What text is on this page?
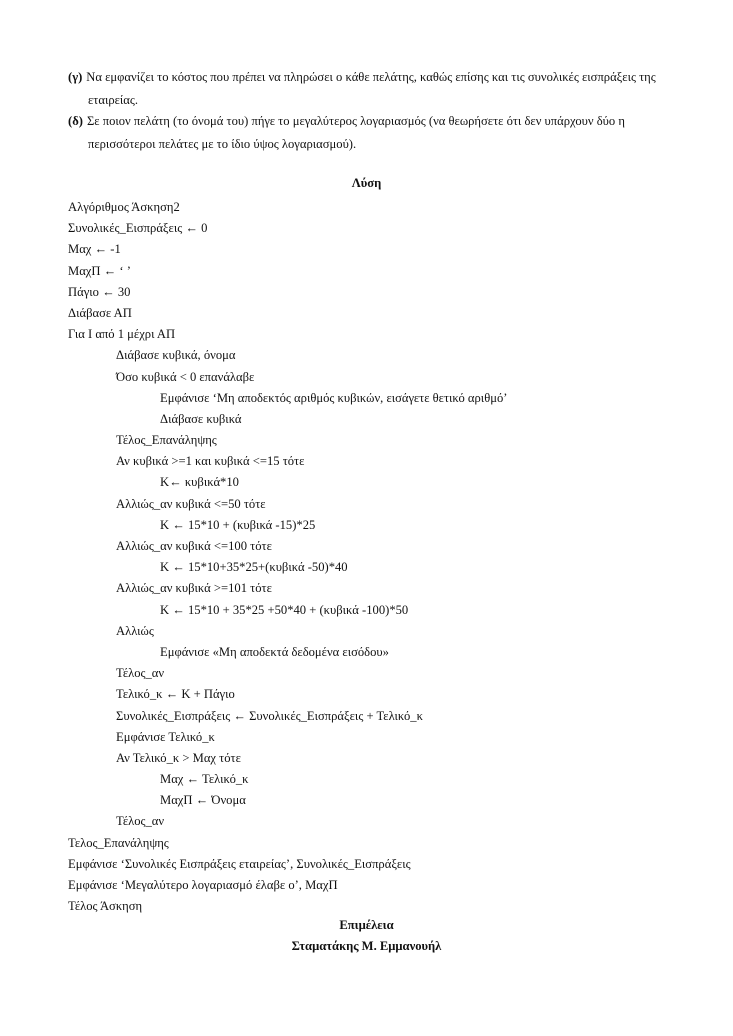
(γ) Να εμφανίζει το κόστος που πρέπει να πληρώσει ο κάθε πελάτης, καθώς επίσης και τις συνολικές εισπράξεις της
εταιρείας.
(δ) Σε ποιον πελάτη (το όνομά του) πήγε το μεγαλύτερος λογαριασμός (να θεωρήσετε ότι δεν υπάρχουν δύο η
περισσότεροι πελάτες με το ίδιο ύψος λογαριασμού).
Λύση
Αλγόριθμος Άσκηση2
Συνολικές_Εισπράξεις ← 0
Μαχ ← -1
ΜαχΠ ← ‘ ’
Πάγιο ← 30
Διάβασε ΑΠ
Για Ι από 1 μέχρι ΑΠ
Διάβασε κυβικά, όνομα
Όσο κυβικά < 0 επανάλαβε
Εμφάνισε ‘Μη αποδεκτός αριθμός κυβικών, εισάγετε θετικό αριθμό’
Διάβασε κυβικά
Τέλος_Επανάληψης
Αν κυβικά >=1 και κυβικά <=15 τότε
Κ← κυβικά*10
Αλλιώς_αν κυβικά <=50 τότε
Κ ← 15*10 + (κυβικά -15)*25
Αλλιώς_αν κυβικά <=100 τότε
Κ ← 15*10+35*25+(κυβικά -50)*40
Αλλιώς_αν κυβικά >=101 τότε
Κ ← 15*10 + 35*25 +50*40 + (κυβικά -100)*50
Αλλιώς
Εμφάνισε «Μη αποδεκτά δεδομένα εισόδου»
Τέλος_αν
Τελικό_κ ← Κ + Πάγιο
Συνολικές_Εισπράξεις ← Συνολικές_Εισπράξεις + Τελικό_κ
Εμφάνισε Τελικό_κ
Αν Τελικό_κ > Μαχ τότε
Μαχ ← Τελικό_κ
ΜαχΠ ← Όνομα
Τέλος_αν
Τελος_Επανάληψης
Εμφάνισε ‘Συνολικές Εισπράξεις εταιρείας’, Συνολικές_Εισπράξεις
Εμφάνισε ‘Μεγαλύτερο λογαριασμό έλαβε ο’, ΜαχΠ
Τέλος Άσκηση
Επιμέλεια
Σταματάκης Μ. Εμμανουήλ
